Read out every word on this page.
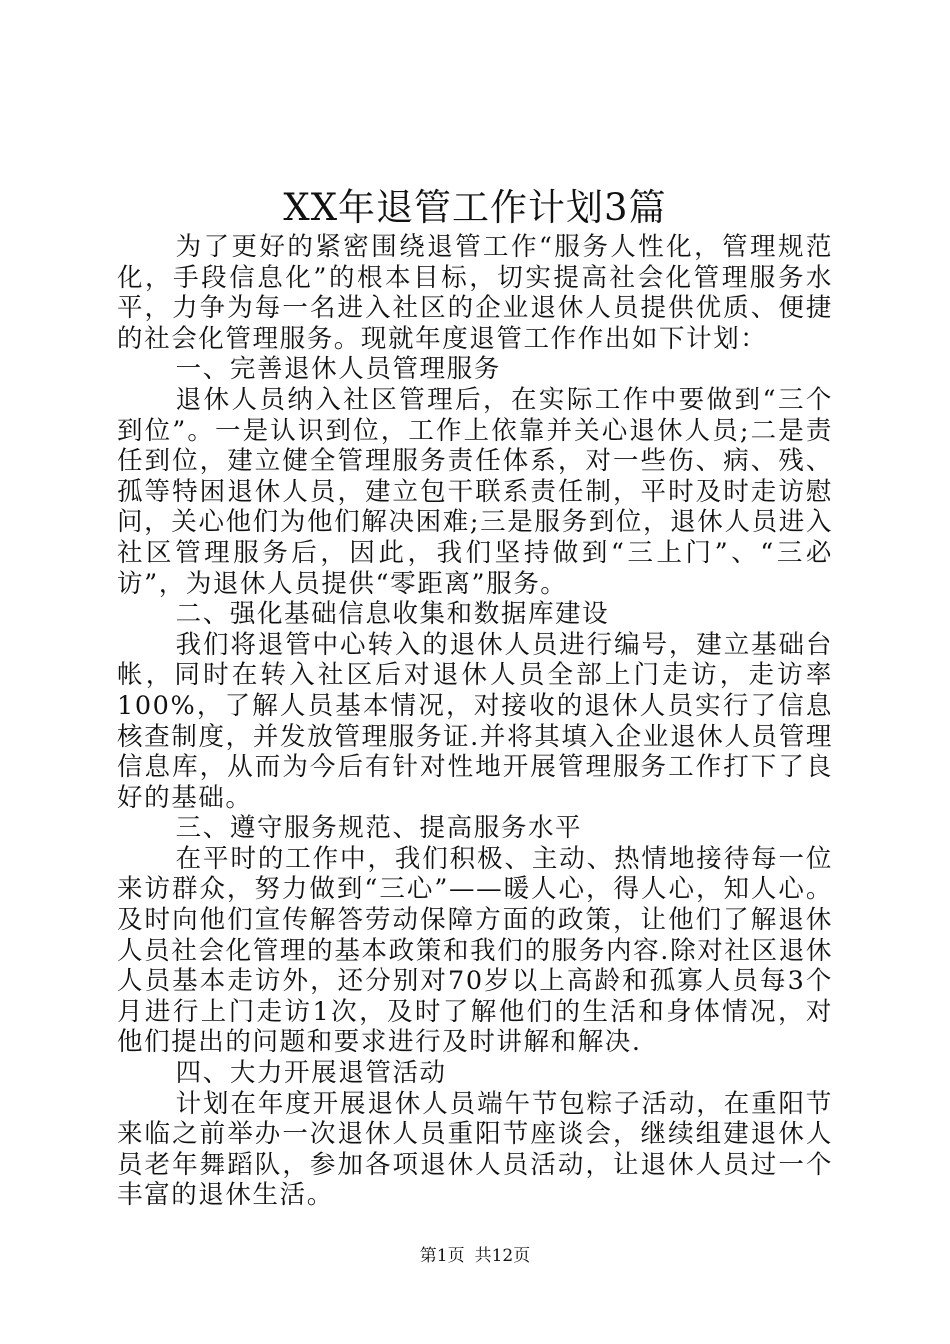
XX年退管工作计划3篇

为了更好的紧密围绕退管工作“服务人性化，管理规范化，手段信息化”的根本目标，切实提高社会化管理服务水平，力争为每一名进入社区的企业退休人员提供优质、便捷的社会化管理服务。现就年度退管工作作出如下计划：

一、完善退休人员管理服务

退休人员纳入社区管理后，在实际工作中要做到“三个到位”。一是认识到位，工作上依靠并关心退休人员;二是责任到位，建立健全管理服务责任体系，对一些伤、病、残、孤等特困退休人员，建立包干联系责任制，平时及时走访慰问，关心他们为他们解决困难;三是服务到位，退休人员进入社区管理服务后，因此，我们坚持做到“三上门”、“三必访”，为退休人员提供“零距离”服务。

二、强化基础信息收集和数据库建设

我们将退管中心转入的退休人员进行编号，建立基础台帐，同时在转入社区后对退休人员全部上门走访，走访率100%，了解人员基本情况，对接收的退休人员实行了信息核查制度，并发放管理服务证.并将其填入企业退休人员管理信息库，从而为今后有针对性地开展管理服务工作打下了良好的基础。

三、遵守服务规范、提高服务水平

在平时的工作中，我们积极、主动、热情地接待每一位来访群众，努力做到“三心”——暖人心，得人心，知人心。及时向他们宣传解答劳动保障方面的政策，让他们了解退休人员社会化管理的基本政策和我们的服务内容.除对社区退休人员基本走访外，还分别对70岁以上高龄和孤寡人员每3个月进行上门走访1次，及时了解他们的生活和身体情况，对他们提出的问题和要求进行及时讲解和解决.

四、大力开展退管活动

计划在年度开展退休人员端午节包粽子活动，在重阳节来临之前举办一次退休人员重阳节座谈会，继续组建退休人员老年舞蹈队，参加各项退休人员活动，让退休人员过一个丰富的退休生活。

第1页 共12页
